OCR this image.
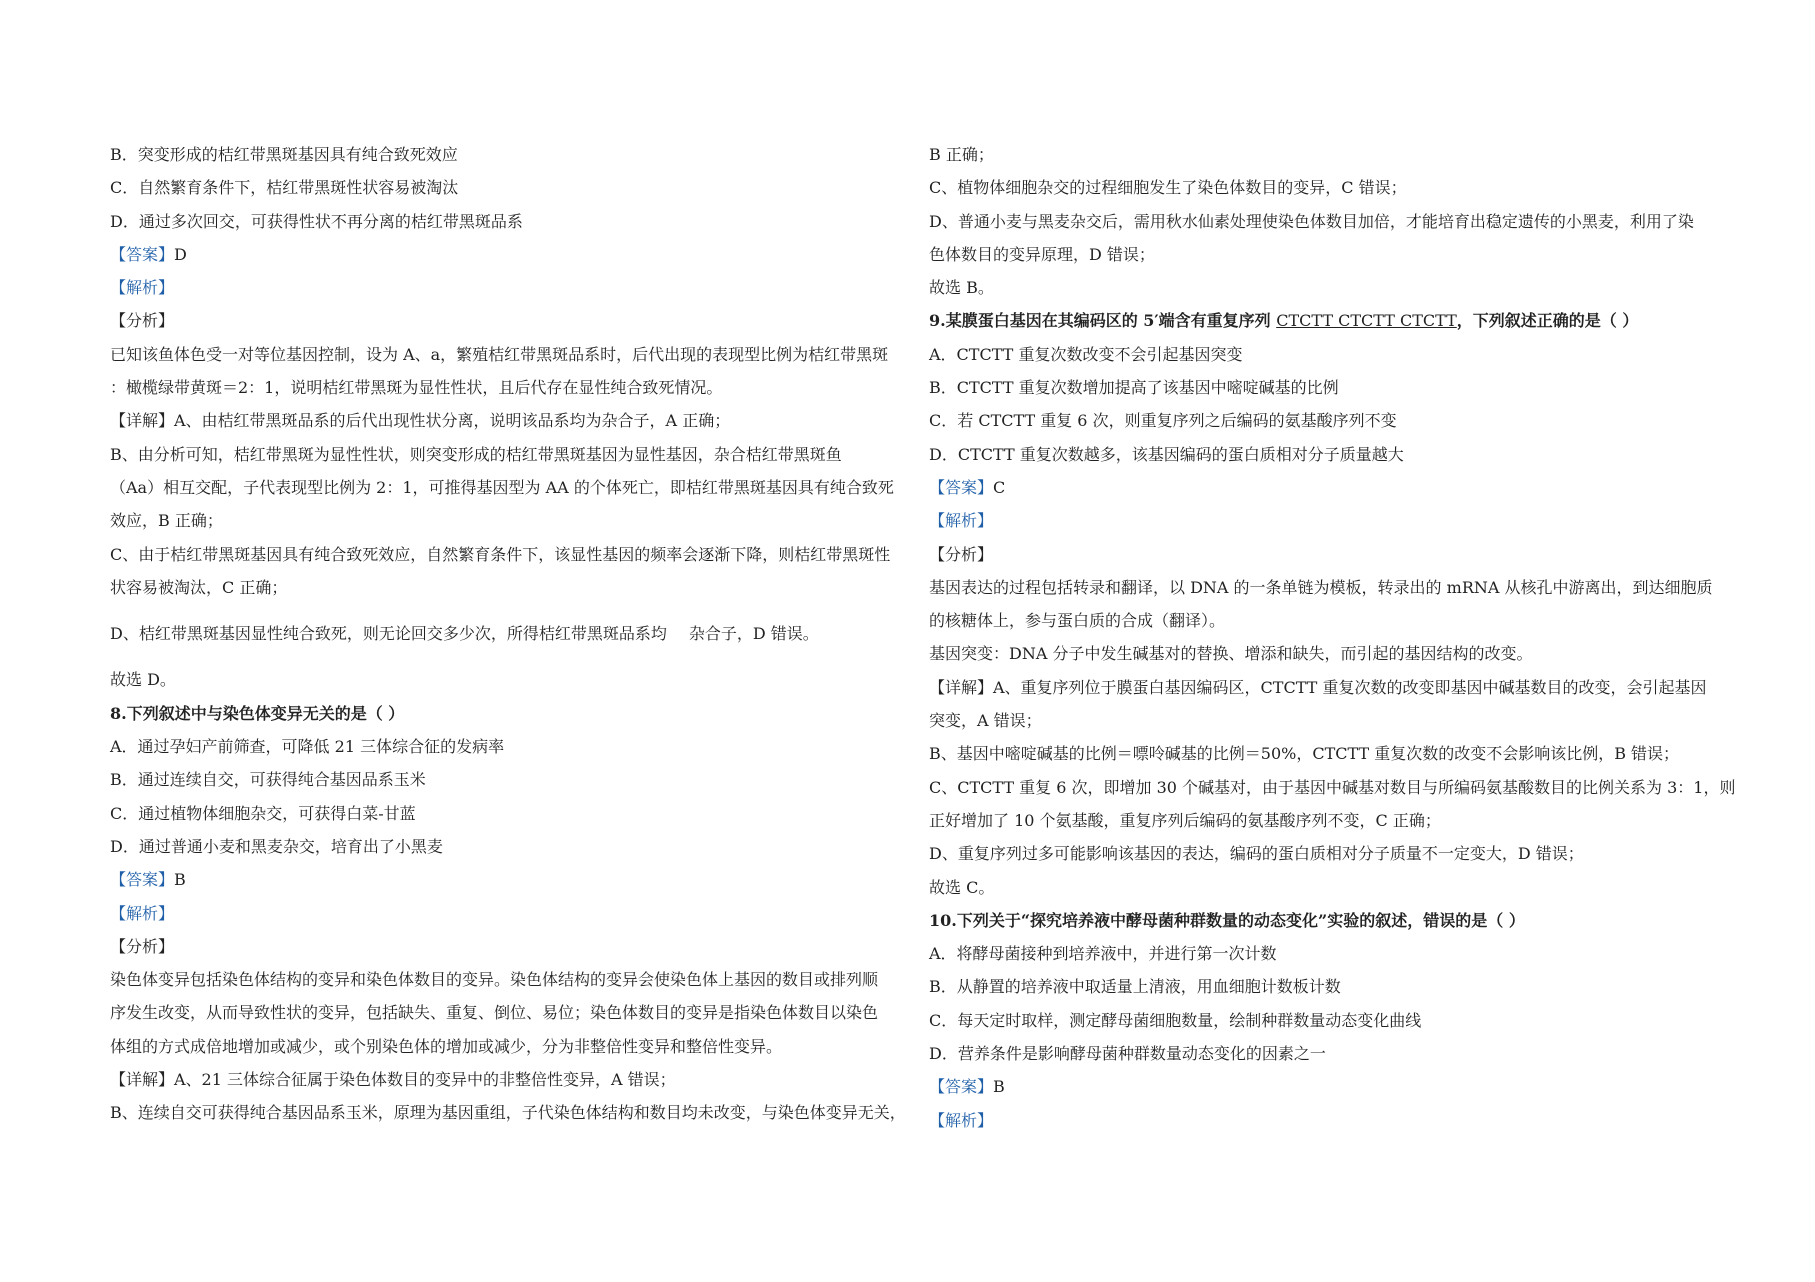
B．突变形成的桔红带黑斑基因具有纯合致死效应
C．自然繁育条件下，桔红带黑斑性状容易被淘汰
D．通过多次回交，可获得性状不再分离的桔红带黑斑品系
【答案】D
【解析】
【分析】
已知该鱼体色受一对等位基因控制，设为 A、a，繁殖桔红带黑斑品系时，后代出现的表现型比例为桔红带黑斑
：橄榄绿带黄斑＝2：1，说明桔红带黑斑为显性性状，且后代存在显性纯合致死情况。
【详解】A、由桔红带黑斑品系的后代出现性状分离，说明该品系均为杂合子，A 正确；
B、由分析可知，桔红带黑斑为显性性状，则突变形成的桔红带黑斑基因为显性基因，杂合桔红带黑斑鱼
（Aa）相互交配，子代表现型比例为 2：1，可推得基因型为 AA 的个体死亡，即桔红带黑斑基因具有纯合致死
效应，B 正确；
C、由于桔红带黑斑基因具有纯合致死效应，自然繁育条件下，该显性基因的频率会逐渐下降，则桔红带黑斑性
状容易被淘汰，C 正确；
D、桔红带黑斑基因显性纯合致死，则无论回交多少次，所得桔红带黑斑品系均 杂合子，D 错误。
故选 D。
8.下列叙述中与染色体变异无关的是（ ）
A．通过孕妇产前筛查，可降低 21 三体综合征的发病率
B．通过连续自交，可获得纯合基因品系玉米
C．通过植物体细胞杂交，可获得白菜-甘蓝
D．通过普通小麦和黑麦杂交，培育出了小黑麦
【答案】B
【解析】
【分析】
染色体变异包括染色体结构的变异和染色体数目的变异。染色体结构的变异会使染色体上基因的数目或排列顺
序发生改变，从而导致性状的变异，包括缺失、重复、倒位、易位；染色体数目的变异是指染色体数目以染色
体组的方式成倍地增加或减少，或个别染色体的增加或减少，分为非整倍性变异和整倍性变异。
【详解】A、21 三体综合征属于染色体数目的变异中的非整倍性变异，A 错误；
B、连续自交可获得纯合基因品系玉米，原理为基因重组，子代染色体结构和数目均未改变，与染色体变异无关，
B 正确；
C、植物体细胞杂交的过程细胞发生了染色体数目的变异，C 错误；
D、普通小麦与黑麦杂交后，需用秋水仙素处理使染色体数目加倍，才能培育出稳定遗传的小黑麦，利用了染
色体数目的变异原理，D 错误；
故选 B。
9.某膜蛋白基因在其编码区的 5′端含有重复序列 CTCTT CTCTT CTCTT，下列叙述正确的是（ ）
A．CTCTT 重复次数改变不会引起基因突变
B．CTCTT 重复次数增加提高了该基因中嘧啶碱基的比例
C．若 CTCTT 重复 6 次，则重复序列之后编码的氨基酸序列不变
D．CTCTT 重复次数越多，该基因编码的蛋白质相对分子质量越大
【答案】C
【解析】
【分析】
基因表达的过程包括转录和翻译，以 DNA 的一条单链为模板，转录出的 mRNA 从核孔中游离出，到达细胞质
的核糖体上，参与蛋白质的合成（翻译）。
基因突变：DNA 分子中发生碱基对的替换、增添和缺失，而引起的基因结构的改变。
【详解】A、重复序列位于膜蛋白基因编码区，CTCTT 重复次数的改变即基因中碱基数目的改变，会引起基因
突变，A 错误；
B、基因中嘧啶碱基的比例＝嘌呤碱基的比例＝50%，CTCTT 重复次数的改变不会影响该比例，B 错误；
C、CTCTT 重复 6 次，即增加 30 个碱基对，由于基因中碱基对数目与所编码氨基酸数目的比例关系为 3：1，则
正好增加了 10 个氨基酸，重复序列后编码的氨基酸序列不变，C 正确；
D、重复序列过多可能影响该基因的表达，编码的蛋白质相对分子质量不一定变大，D 错误；
故选 C。
10.下列关于“探究培养液中酵母菌种群数量的动态变化”实验的叙述，错误的是（ ）
A．将酵母菌接种到培养液中，并进行第一次计数
B．从静置的培养液中取适量上清液，用血细胞计数板计数
C．每天定时取样，测定酵母菌细胞数量，绘制种群数量动态变化曲线
D．营养条件是影响酵母菌种群数量动态变化的因素之一
【答案】B
【解析】
